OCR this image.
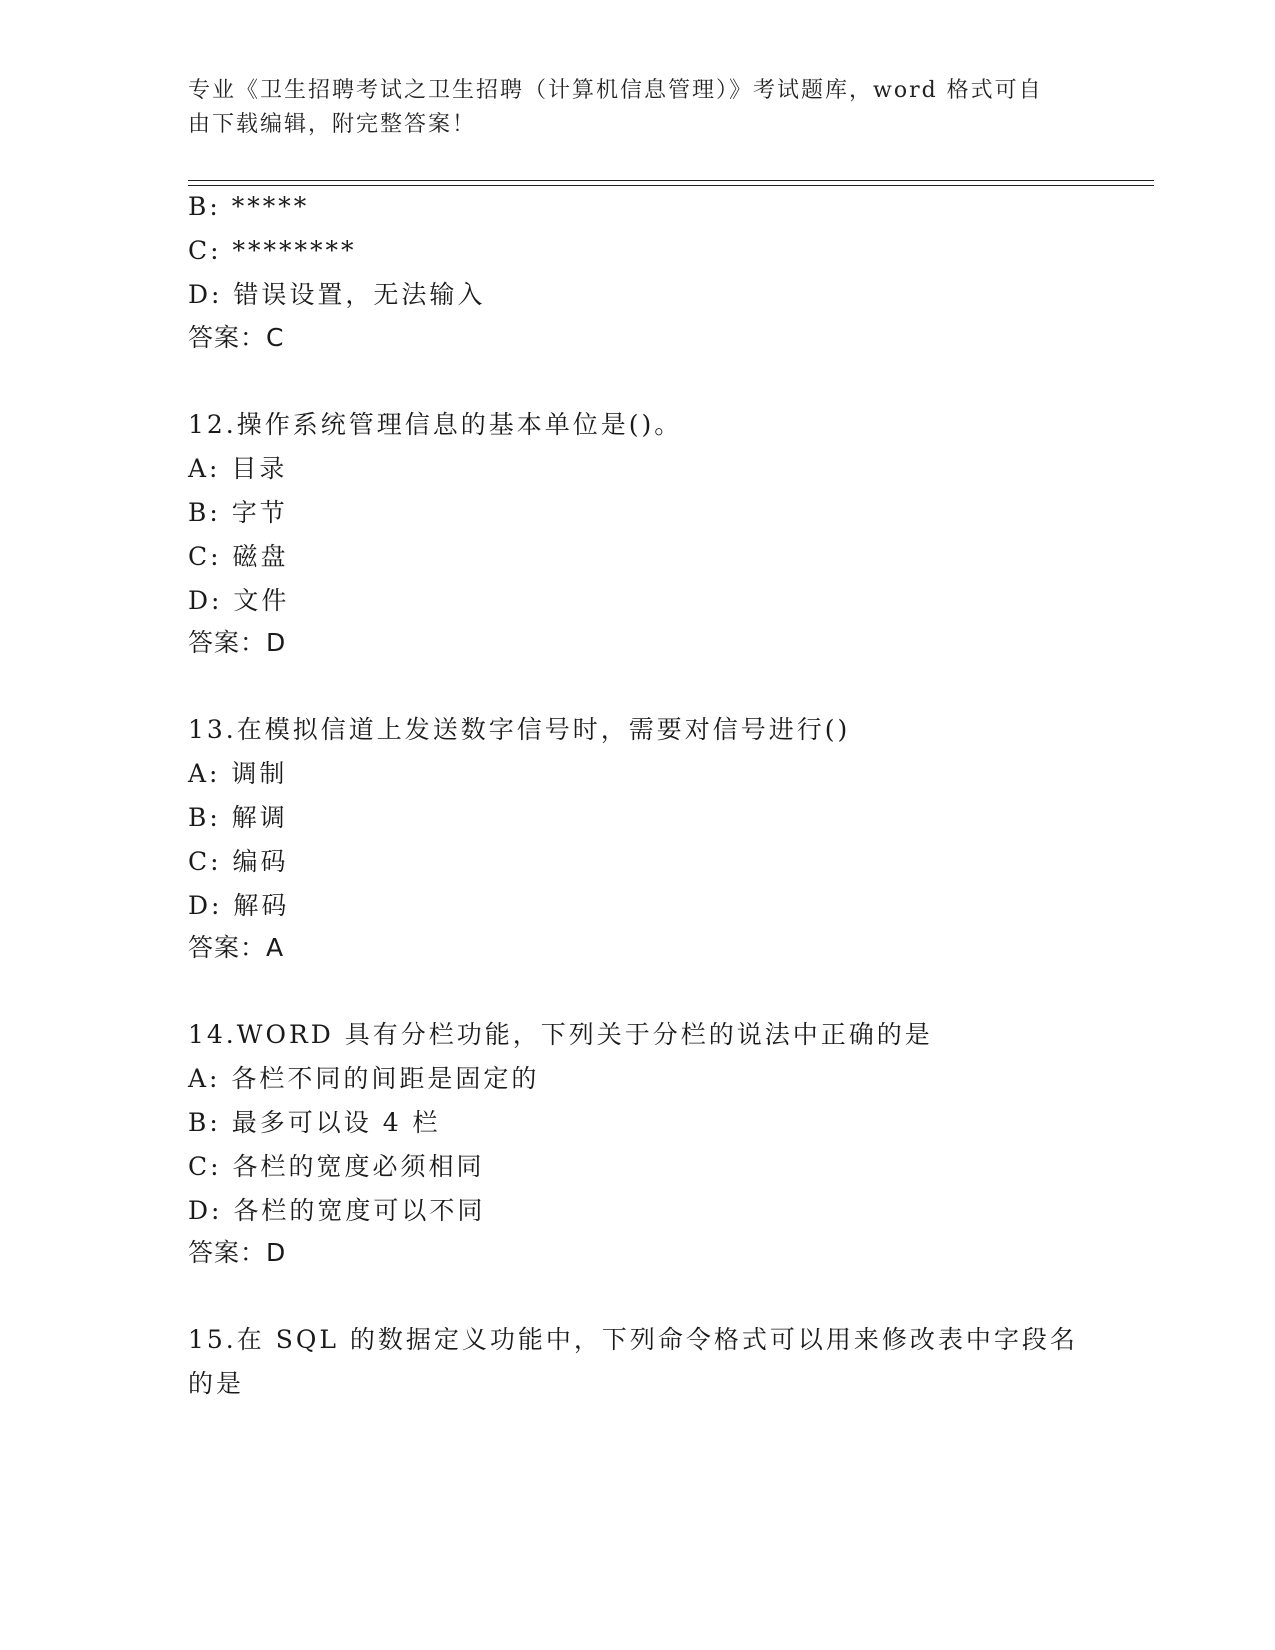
专业《卫生招聘考试之卫生招聘（计算机信息管理）》考试题库，word 格式可自
由下载编辑，附完整答案！
B: *****
C: ********
D: 错误设置，无法输入
答案：C
12.操作系统管理信息的基本单位是()。
A: 目录
B: 字节
C: 磁盘
D: 文件
答案：D
13.在模拟信道上发送数字信号时，需要对信号进行()
A: 调制
B: 解调
C: 编码
D: 解码
答案：A
14.WORD 具有分栏功能，下列关于分栏的说法中正确的是
A: 各栏不同的间距是固定的
B: 最多可以设 4 栏
C: 各栏的宽度必须相同
D: 各栏的宽度可以不同
答案：D
15.在 SQL 的数据定义功能中，下列命令格式可以用来修改表中字段名
的是
